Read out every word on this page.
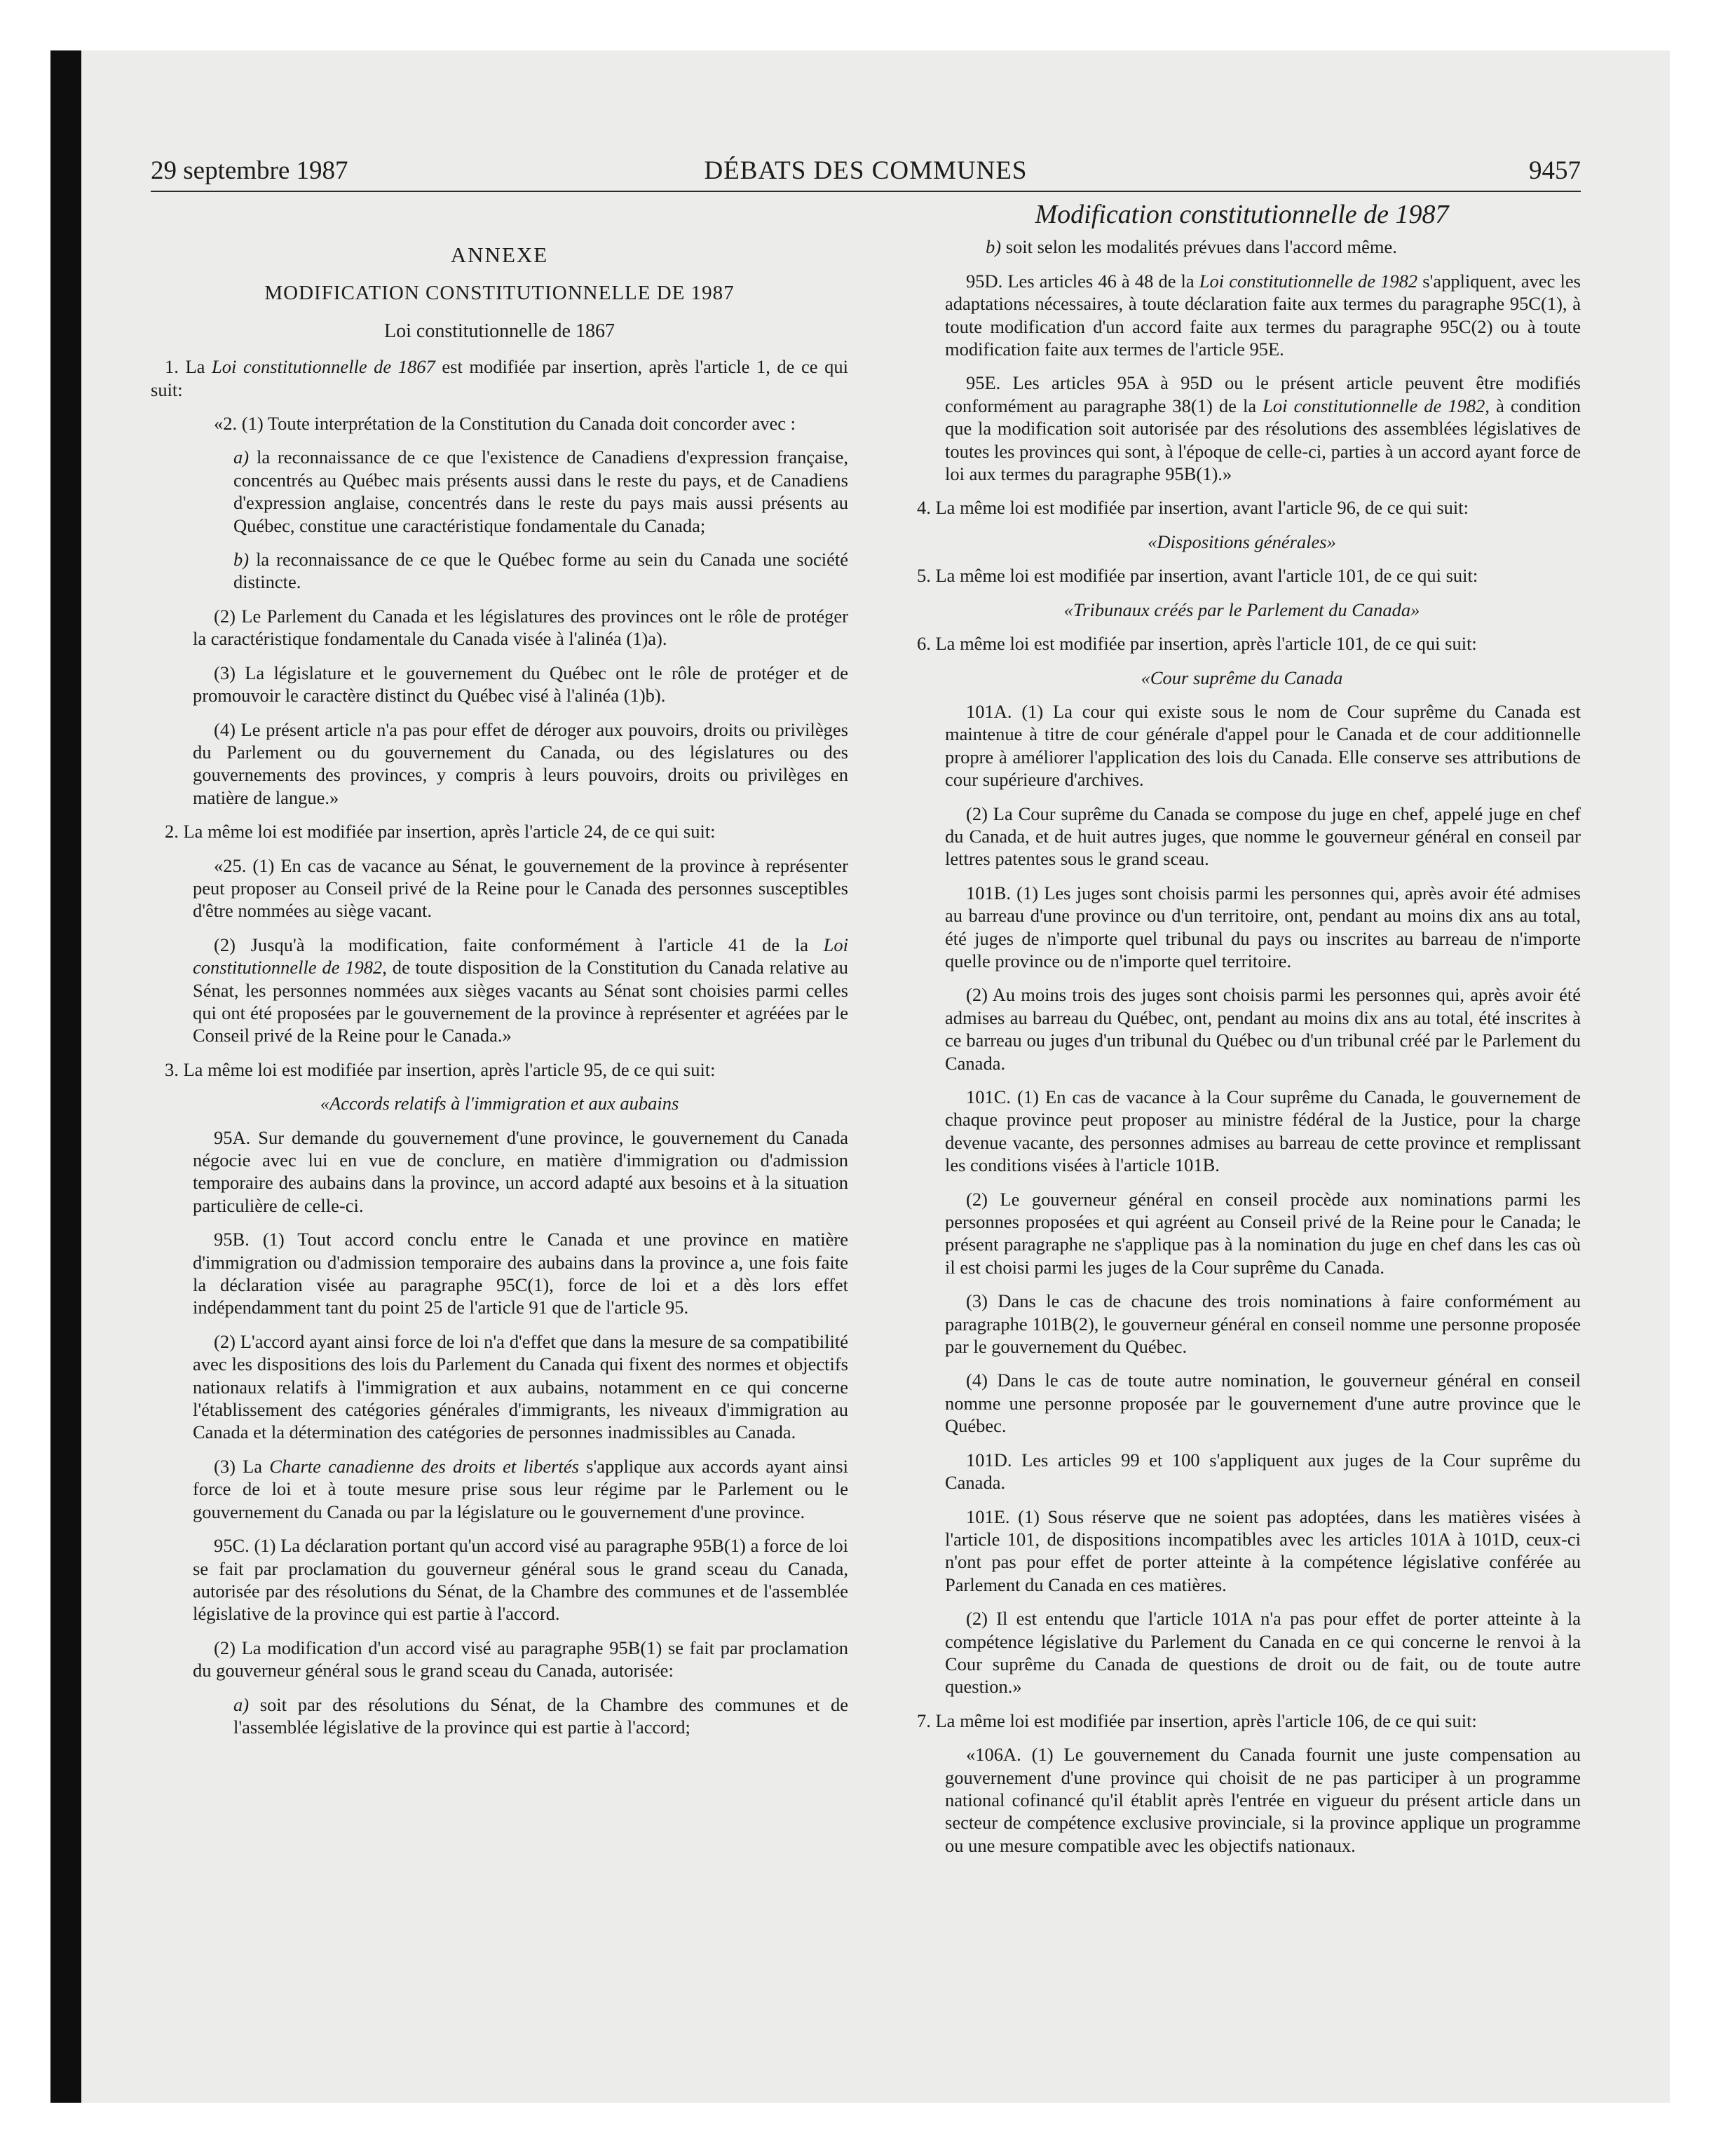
29 septembre 1987	DÉBATS DES COMMUNES	9457

ANNEXE

MODIFICATION CONSTITUTIONNELLE DE 1987

Loi constitutionnelle de 1867

1. La Loi constitutionnelle de 1867 est modifiée par insertion, après l'article 1, de ce qui suit:

«2. (1) Toute interprétation de la Constitution du Canada doit concorder avec :

a) la reconnaissance de ce que l'existence de Canadiens d'expression française, concentrés au Québec mais présents aussi dans le reste du pays, et de Canadiens d'expression anglaise, concentrés dans le reste du pays mais aussi présents au Québec, constitue une caractéristique fondamentale du Canada;

b) la reconnaissance de ce que le Québec forme au sein du Canada une société distincte.

(2) Le Parlement du Canada et les législatures des provinces ont le rôle de protéger la caractéristique fondamentale du Canada visée à l'alinéa (1)a).

(3) La législature et le gouvernement du Québec ont le rôle de protéger et de promouvoir le caractère distinct du Québec visé à l'alinéa (1)b).

(4) Le présent article n'a pas pour effet de déroger aux pouvoirs, droits ou privilèges du Parlement ou du gouvernement du Canada, ou des législatures ou des gouvernements des provinces, y compris à leurs pouvoirs, droits ou privilèges en matière de langue.»

2. La même loi est modifiée par insertion, après l'article 24, de ce qui suit:

«25. (1) En cas de vacance au Sénat, le gouvernement de la province à représenter peut proposer au Conseil privé de la Reine pour le Canada des personnes susceptibles d'être nommées au siège vacant.

(2) Jusqu'à la modification, faite conformément à l'article 41 de la Loi constitutionnelle de 1982, de toute disposition de la Constitution du Canada relative au Sénat, les personnes nommées aux sièges vacants au Sénat sont choisies parmi celles qui ont été proposées par le gouvernement de la province à représenter et agréées par le Conseil privé de la Reine pour le Canada.»

3. La même loi est modifiée par insertion, après l'article 95, de ce qui suit:

«Accords relatifs à l'immigration et aux aubains

95A. Sur demande du gouvernement d'une province, le gouvernement du Canada négocie avec lui en vue de conclure, en matière d'immigration ou d'admission temporaire des aubains dans la province, un accord adapté aux besoins et à la situation particulière de celle-ci.

95B. (1) Tout accord conclu entre le Canada et une province en matière d'immigration ou d'admission temporaire des aubains dans la province a, une fois faite la déclaration visée au paragraphe 95C(1), force de loi et a dès lors effet indépendamment tant du point 25 de l'article 91 que de l'article 95.

(2) L'accord ayant ainsi force de loi n'a d'effet que dans la mesure de sa compatibilité avec les dispositions des lois du Parlement du Canada qui fixent des normes et objectifs nationaux relatifs à l'immigration et aux aubains, notamment en ce qui concerne l'établissement des catégories générales d'immigrants, les niveaux d'immigration au Canada et la détermination des catégories de personnes inadmissibles au Canada.

(3) La Charte canadienne des droits et libertés s'applique aux accords ayant ainsi force de loi et à toute mesure prise sous leur régime par le Parlement ou le gouvernement du Canada ou par la législature ou le gouvernement d'une province.

95C. (1) La déclaration portant qu'un accord visé au paragraphe 95B(1) a force de loi se fait par proclamation du gouverneur général sous le grand sceau du Canada, autorisée par des résolutions du Sénat, de la Chambre des communes et de l'assemblée législative de la province qui est partie à l'accord.

(2) La modification d'un accord visé au paragraphe 95B(1) se fait par proclamation du gouverneur général sous le grand sceau du Canada, autorisée:

a) soit par des résolutions du Sénat, de la Chambre des communes et de l'assemblée législative de la province qui est partie à l'accord;

Modification constitutionnelle de 1987

b) soit selon les modalités prévues dans l'accord même.

95D. Les articles 46 à 48 de la Loi constitutionnelle de 1982 s'appliquent, avec les adaptations nécessaires, à toute déclaration faite aux termes du paragraphe 95C(1), à toute modification d'un accord faite aux termes du paragraphe 95C(2) ou à toute modification faite aux termes de l'article 95E.

95E. Les articles 95A à 95D ou le présent article peuvent être modifiés conformément au paragraphe 38(1) de la Loi constitutionnelle de 1982, à condition que la modification soit autorisée par des résolutions des assemblées législatives de toutes les provinces qui sont, à l'époque de celle-ci, parties à un accord ayant force de loi aux termes du paragraphe 95B(1).»

4. La même loi est modifiée par insertion, avant l'article 96, de ce qui suit:

«Dispositions générales»

5. La même loi est modifiée par insertion, avant l'article 101, de ce qui suit:

«Tribunaux créés par le Parlement du Canada»

6. La même loi est modifiée par insertion, après l'article 101, de ce qui suit:

«Cour suprême du Canada

101A. (1) La cour qui existe sous le nom de Cour suprême du Canada est maintenue à titre de cour générale d'appel pour le Canada et de cour additionnelle propre à améliorer l'application des lois du Canada. Elle conserve ses attributions de cour supérieure d'archives.

(2) La Cour suprême du Canada se compose du juge en chef, appelé juge en chef du Canada, et de huit autres juges, que nomme le gouverneur général en conseil par lettres patentes sous le grand sceau.

101B. (1) Les juges sont choisis parmi les personnes qui, après avoir été admises au barreau d'une province ou d'un territoire, ont, pendant au moins dix ans au total, été juges de n'importe quel tribunal du pays ou inscrites au barreau de n'importe quelle province ou de n'importe quel territoire.

(2) Au moins trois des juges sont choisis parmi les personnes qui, après avoir été admises au barreau du Québec, ont, pendant au moins dix ans au total, été inscrites à ce barreau ou juges d'un tribunal du Québec ou d'un tribunal créé par le Parlement du Canada.

101C. (1) En cas de vacance à la Cour suprême du Canada, le gouvernement de chaque province peut proposer au ministre fédéral de la Justice, pour la charge devenue vacante, des personnes admises au barreau de cette province et remplissant les conditions visées à l'article 101B.

(2) Le gouverneur général en conseil procède aux nominations parmi les personnes proposées et qui agréent au Conseil privé de la Reine pour le Canada; le présent paragraphe ne s'applique pas à la nomination du juge en chef dans les cas où il est choisi parmi les juges de la Cour suprême du Canada.

(3) Dans le cas de chacune des trois nominations à faire conformément au paragraphe 101B(2), le gouverneur général en conseil nomme une personne proposée par le gouvernement du Québec.

(4) Dans le cas de toute autre nomination, le gouverneur général en conseil nomme une personne proposée par le gouvernement d'une autre province que le Québec.

101D. Les articles 99 et 100 s'appliquent aux juges de la Cour suprême du Canada.

101E. (1) Sous réserve que ne soient pas adoptées, dans les matières visées à l'article 101, de dispositions incompatibles avec les articles 101A à 101D, ceux-ci n'ont pas pour effet de porter atteinte à la compétence législative conférée au Parlement du Canada en ces matières.

(2) Il est entendu que l'article 101A n'a pas pour effet de porter atteinte à la compétence législative du Parlement du Canada en ce qui concerne le renvoi à la Cour suprême du Canada de questions de droit ou de fait, ou de toute autre question.»

7. La même loi est modifiée par insertion, après l'article 106, de ce qui suit:

«106A. (1) Le gouvernement du Canada fournit une juste compensation au gouvernement d'une province qui choisit de ne pas participer à un programme national cofinancé qu'il établit après l'entrée en vigueur du présent article dans un secteur de compétence exclusive provinciale, si la province applique un programme ou une mesure compatible avec les objectifs nationaux.
